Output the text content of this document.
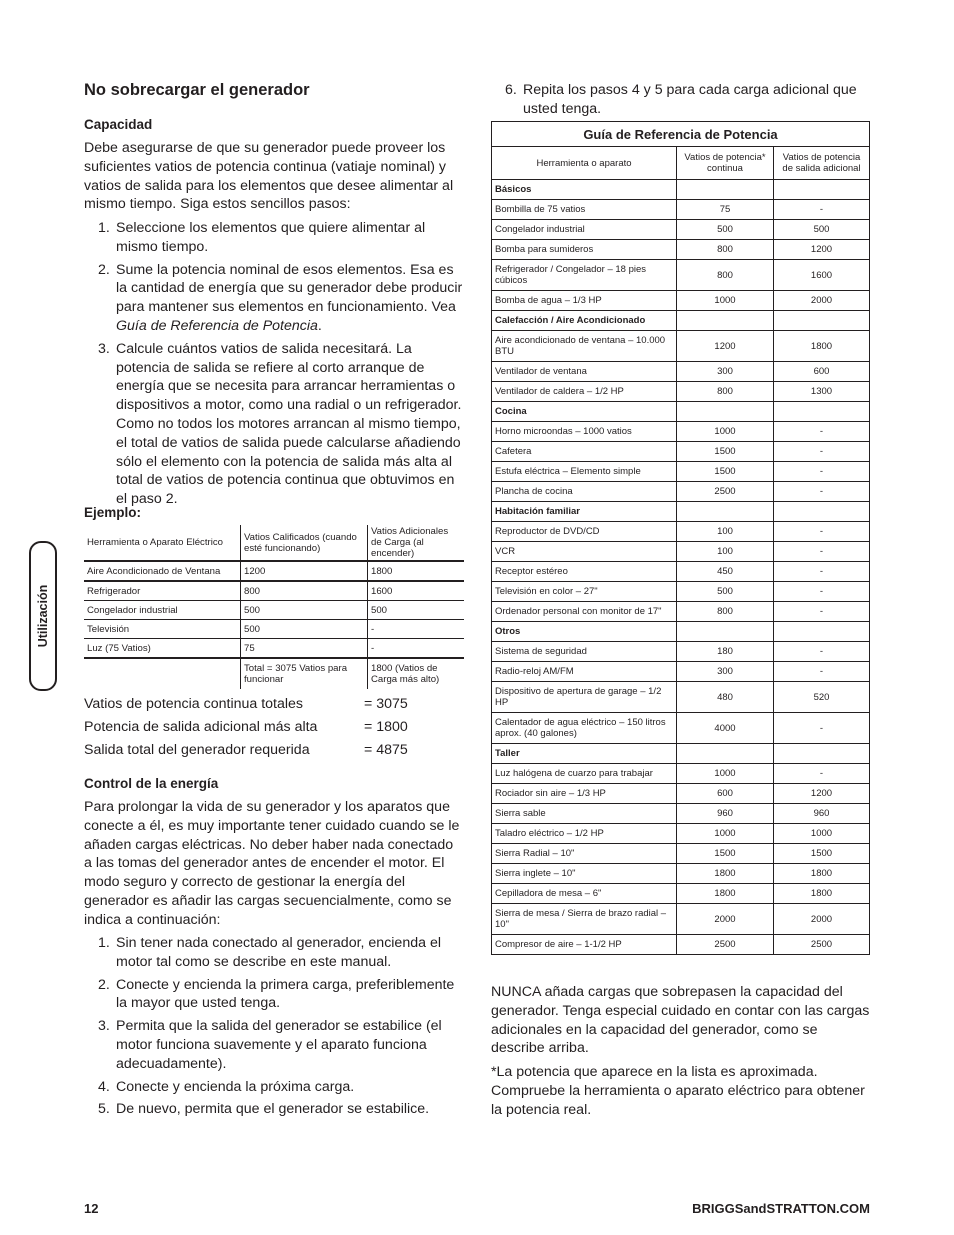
No sobrecargar el generador
Capacidad
Debe asegurarse de que su generador puede proveer los suficientes vatios de potencia continua (vatiaje nominal) y vatios de salida para los elementos que desee alimentar al mismo tiempo. Siga estos sencillos pasos:
1. Seleccione los elementos que quiere alimentar al mismo tiempo.
2. Sume la potencia nominal de esos elementos. Esa es la cantidad de energía que su generador debe producir para mantener sus elementos en funcionamiento. Vea Guía de Referencia de Potencia.
3. Calcule cuántos vatios de salida necesitará. La potencia de salida se refiere al corto arranque de energía que se necesita para arrancar herramientas o dispositivos a motor, como una radial o un refrigerador. Como no todos los motores arrancan al mismo tiempo, el total de vatios de salida puede calcularse añadiendo sólo el elemento con la potencia de salida más alta al total de vatios de potencia continua que obtuvimos en el paso 2.
Ejemplo:
Herramienta o Aparato Eléctrico	Vatios Calificados (cuando esté funcionando)	Vatios Adicionales de Carga (al encender)
Aire Acondicionado de Ventana	1200	1800
Refrigerador	800	1600
Congelador industrial	500	500
Televisión	500	-
Luz (75 Vatios)	75	-
	Total = 3075 Vatios para funcionar	1800 (Vatios de Carga más alto)
Vatios de potencia continua totales	= 3075
Potencia de salida adicional más alta	= 1800
Salida total del generador requerida	= 4875
Control de la energía
Para prolongar la vida de su generador y los aparatos que conecte a él, es muy importante tener cuidado cuando se le añaden cargas eléctricas. No deber haber nada conectado a las tomas del generador antes de encender el motor. El modo seguro y correcto de gestionar la energía del generador es añadir las cargas secuencialmente, como se indica a continuación:
1. Sin tener nada conectado al generador, encienda el motor tal como se describe en este manual.
2. Conecte y encienda la primera carga, preferiblemente la mayor que usted tenga.
3. Permita que la salida del generador se estabilice (el motor funciona suavemente y el aparato funciona adecuadamente).
4. Conecte y encienda la próxima carga.
5. De nuevo, permita que el generador se estabilice.
Utilización
6. Repita los pasos 4 y 5 para cada carga adicional que usted tenga.
Guía de Referencia de Potencia		
Herramienta o aparato	Vatios de potencia* continua	Vatios de potencia de salida adicional
Básicos		
Bombilla de 75 vatios	75	-
Congelador industrial	500	500
Bomba para sumideros	800	1200
Refrigerador / Congelador – 18 pies cúbicos	800	1600
Bomba de agua – 1/3 HP	1000	2000
Calefacción / Aire Acondicionado		
Aire acondicionado de ventana – 10.000 BTU	1200	1800
Ventilador de ventana	300	600
Ventilador de caldera – 1/2 HP	800	1300
Cocina		
Horno microondas – 1000 vatios	1000	-
Cafetera	1500	-
Estufa eléctrica – Elemento simple	1500	-
Plancha de cocina	2500	-
Habitación familiar		
Reproductor de DVD/CD	100	-
VCR	100	-
Receptor estéreo	450	-
Televisión en color – 27"	500	-
Ordenador personal con monitor de 17"	800	-
Otros		
Sistema de seguridad	180	-
Radio-reloj AM/FM	300	-
Dispositivo de apertura de garage – 1/2 HP	480	520
Calentador de agua eléctrico – 150 litros aprox. (40 galones)	4000	-
Taller		
Luz halógena de cuarzo para trabajar	1000	-
Rociador sin aire – 1/3 HP	600	1200
Sierra sable	960	960
Taladro eléctrico – 1/2 HP	1000	1000
Sierra Radial – 10"	1500	1500
Sierra inglete – 10"	1800	1800
Cepilladora de mesa – 6"	1800	1800
Sierra de mesa / Sierra de brazo radial – 10"	2000	2000
Compresor de aire – 1-1/2 HP	2500	2500
NUNCA añada cargas que sobrepasen la capacidad del generador. Tenga especial cuidado en contar con las cargas adicionales en la capacidad del generador, como se describe arriba.
*La potencia que aparece en la lista es aproximada. Compruebe la herramienta o aparato eléctrico para obtener la potencia real.
12	BRIGGSandSTRATTON.COM
